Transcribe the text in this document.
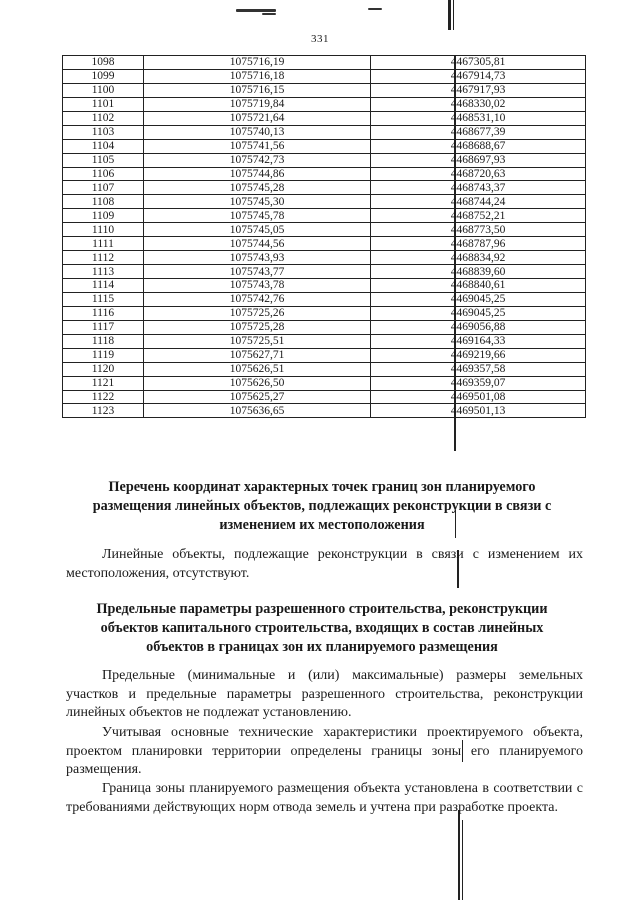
331
1098	1075716,19	4467305,81
1099	1075716,18	4467914,73
1100	1075716,15	4467917,93
1101	1075719,84	4468330,02
1102	1075721,64	4468531,10
1103	1075740,13	4468677,39
1104	1075741,56	4468688,67
1105	1075742,73	4468697,93
1106	1075744,86	4468720,63
1107	1075745,28	4468743,37
1108	1075745,30	4468744,24
1109	1075745,78	4468752,21
1110	1075745,05	4468773,50
1111	1075744,56	4468787,96
1112	1075743,93	4468834,92
1113	1075743,77	4468839,60
1114	1075743,78	4468840,61
1115	1075742,76	4469045,25
1116	1075725,26	4469045,25
1117	1075725,28	4469056,88
1118	1075725,51	4469164,33
1119	1075627,71	4469219,66
1120	1075626,51	4469357,58
1121	1075626,50	4469359,07
1122	1075625,27	4469501,08
1123	1075636,65	4469501,13
Перечень координат характерных точек границ зон планируемого размещения линейных объектов, подлежащих реконструкции в связи с изменением их местоположения
Линейные объекты, подлежащие реконструкции в связи с изменением их местоположения, отсутствуют.
Предельные параметры разрешенного строительства, реконструкции объектов капитального строительства, входящих в состав линейных объектов в границах зон их планируемого размещения
Предельные (минимальные и (или) максимальные) размеры земельных участков и предельные параметры разрешенного строительства, реконструкции линейных объектов не подлежат установлению.
Учитывая основные технические характеристики проектируемого объекта, проектом планировки территории определены границы зоны его планируемого размещения.
Граница зоны планируемого размещения объекта установлена в соответствии с требованиями действующих норм отвода земель и учтена при разработке проекта.
